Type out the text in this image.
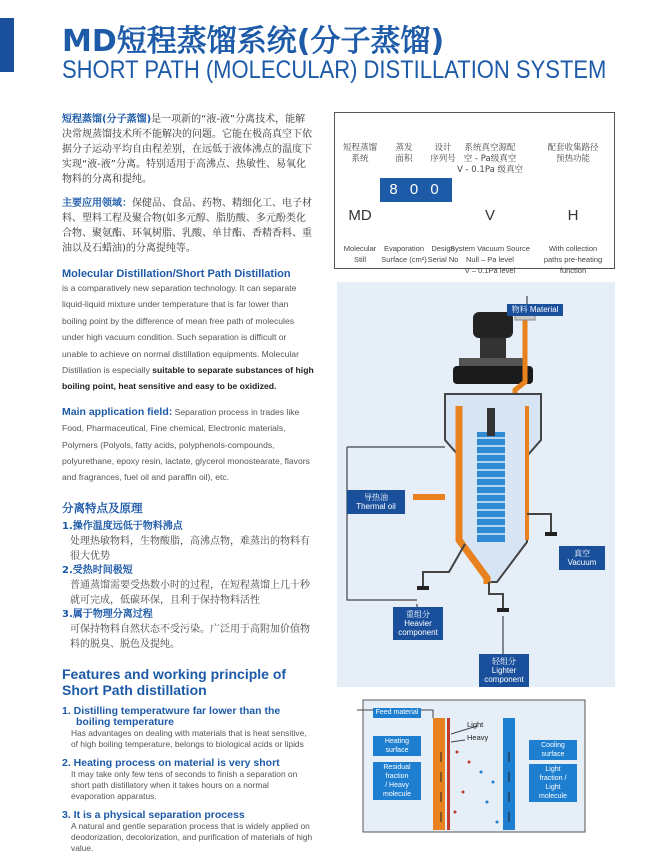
MD短程蒸馏系统(分子蒸馏)
SHORT PATH (MOLECULAR) DISTILLATION SYSTEM

短程蒸馏(分子蒸馏)是一项新的“液-液”分离技术，能解决常规蒸馏技术所不能解决的问题。它能在极高真空下依据分子运动平均自由程差别，在远低于液体沸点的温度下实现“液-液”分离。特别适用于高沸点、热敏性、易氧化物料的分离和提纯。

主要应用领域：保健品、食品、药物、精细化工、电子材料、塑料工程及聚合物(如多元醇、脂肪酸、多元酚类化合物、聚氨酯、环氧树脂、乳酸、单甘酯、香精香料、重油以及石蜡油)的分离提纯等。

Molecular Distillation/Short Path Distillation

is a comparatively new separation technology. It can separate liquid-liquid mixture under temperature that is far lower than boiling point by the difference of mean free path of molecules under high vacuum condition. Such separation is difficult or unable to achieve on normal distillation equipments. Molecular Distillation is especially suitable to separate substances of high boiling point, heat sensitive and easy to be oxidized.

Main application field: Separation process in trades like Food, Pharmaceutical, Fine chemical, Electronic materials, Polymers (Polyols, fatty acids, polyphenols-compounds, polyurethane, epoxy resin, lactate, glycerol monostearate, flavors and fragrances, fuel oil and paraffin oil), etc.

分离特点及原理
1.操作温度远低于物料沸点
处理热敏物料，生物酸脂，高沸点物，难蒸出的物料有很大优势
2.受热时间极短
普通蒸馏需要受热数小时的过程，在短程蒸馏上几十秒就可完成，低碳环保，且利于保持物料活性
3.属于物理分离过程
可保持物料自然状态不受污染。广泛用于高附加价值物料的脱臭、脱色及提纯。
Features and working principle of
Short Path distillation
1. Distilling temperatwure far lower than the
boiling temperature
Has advantages on dealing with materials that is heat sensitive, of high boiling temperature, belongs to biological acids or lipids
2. Heating process on material is very short
It may take only few tens of seconds to finish a separation on short path distillatory when it takes hours on a normal evaporation apparatus.
3. It is a physical separation process
A natural and gentle separation process that is widely applied on deodorization, decolorization, and purification of materials of high value.
短程蒸馏
系统
MD
Molecular
Still
蒸发
面积
Evaporation
Surface (cm²)
设计
序列号
Design
Serial No
系统真空源配
空 - Pa级真空
V - 0.1Pa 级真空
V
System Vacuum Source
Null – Pa level
V – 0.1Pa level
配套收集路径
预热功能
H
With collection
paths pre-heating function
8 0 0
物料 Material
导热油
Thermal oil
真空
Vacuum
重组分
Heavier
component
轻组分
Lighter
component
Feed material
Heating
surface
Residual
fraction
/ Heavy
molecule
Cooling
surface
Light
fraction /
Light
molecule
Light
Heavy
